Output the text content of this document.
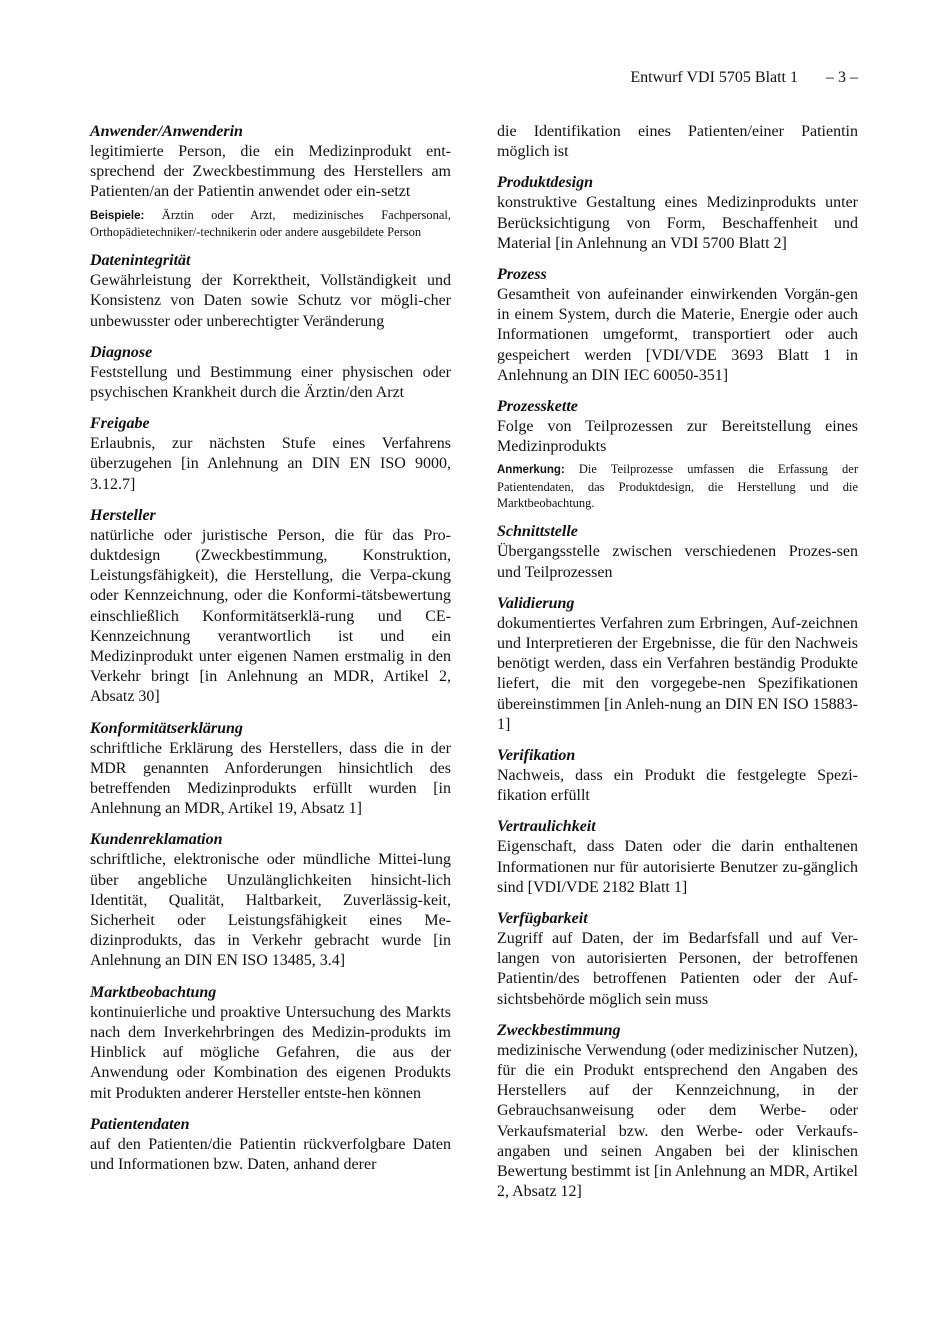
Entwurf VDI 5705 Blatt 1 – 3 –
Anwender/Anwenderin
legitimierte Person, die ein Medizinprodukt ent-sprechend der Zweckbestimmung des Herstellers am Patienten/an der Patientin anwendet oder ein-setzt
Beispiele: Ärztin oder Arzt, medizinisches Fachpersonal, Orthopädietechniker/-technikerin oder andere ausgebildete Person
Datenintegrität
Gewährleistung der Korrektheit, Vollständigkeit und Konsistenz von Daten sowie Schutz vor mögli-cher unbewusster oder unberechtigter Veränderung
Diagnose
Feststellung und Bestimmung einer physischen oder psychischen Krankheit durch die Ärztin/den Arzt
Freigabe
Erlaubnis, zur nächsten Stufe eines Verfahrens überzugehen [in Anlehnung an DIN EN ISO 9000, 3.12.7]
Hersteller
natürliche oder juristische Person, die für das Pro-duktdesign (Zweckbestimmung, Konstruktion, Leistungsfähigkeit), die Herstellung, die Verpa-ckung oder Kennzeichnung, oder die Konformi-tätsbewertung einschließlich Konformitätserklä-rung und CE-Kennzeichnung verantwortlich ist und ein Medizinprodukt unter eigenen Namen erstmalig in den Verkehr bringt [in Anlehnung an MDR, Artikel 2, Absatz 30]
Konformitätserklärung
schriftliche Erklärung des Herstellers, dass die in der MDR genannten Anforderungen hinsichtlich des betreffenden Medizinprodukts erfüllt wurden [in Anlehnung an MDR, Artikel 19, Absatz 1]
Kundenreklamation
schriftliche, elektronische oder mündliche Mittei-lung über angebliche Unzulänglichkeiten hinsicht-lich Identität, Qualität, Haltbarkeit, Zuverlässig-keit, Sicherheit oder Leistungsfähigkeit eines Me-dizinprodukts, das in Verkehr gebracht wurde [in Anlehnung an DIN EN ISO 13485, 3.4]
Marktbeobachtung
kontinuierliche und proaktive Untersuchung des Markts nach dem Inverkehrbringen des Medizin-produkts im Hinblick auf mögliche Gefahren, die aus der Anwendung oder Kombination des eigenen Produkts mit Produkten anderer Hersteller entste-hen können
Patientendaten
auf den Patienten/die Patientin rückverfolgbare Daten und Informationen bzw. Daten, anhand derer
die Identifikation eines Patienten/einer Patientin möglich ist
Produktdesign
konstruktive Gestaltung eines Medizinprodukts unter Berücksichtigung von Form, Beschaffenheit und Material [in Anlehnung an VDI 5700 Blatt 2]
Prozess
Gesamtheit von aufeinander einwirkenden Vorgän-gen in einem System, durch die Materie, Energie oder auch Informationen umgeformt, transportiert oder auch gespeichert werden [VDI/VDE 3693 Blatt 1 in Anlehnung an DIN IEC 60050-351]
Prozesskette
Folge von Teilprozessen zur Bereitstellung eines Medizinprodukts
Anmerkung: Die Teilprozesse umfassen die Erfassung der Patientendaten, das Produktdesign, die Herstellung und die Marktbeobachtung.
Schnittstelle
Übergangsstelle zwischen verschiedenen Prozes-sen und Teilprozessen
Validierung
dokumentiertes Verfahren zum Erbringen, Auf-zeichnen und Interpretieren der Ergebnisse, die für den Nachweis benötigt werden, dass ein Verfahren beständig Produkte liefert, die mit den vorgegebe-nen Spezifikationen übereinstimmen [in Anleh-nung an DIN EN ISO 15883-1]
Verifikation
Nachweis, dass ein Produkt die festgelegte Spezi-fikation erfüllt
Vertraulichkeit
Eigenschaft, dass Daten oder die darin enthaltenen Informationen nur für autorisierte Benutzer zu-gänglich sind [VDI/VDE 2182 Blatt 1]
Verfügbarkeit
Zugriff auf Daten, der im Bedarfsfall und auf Ver-langen von autorisierten Personen, der betroffenen Patientin/des betroffenen Patienten oder der Auf-sichtsbehörde möglich sein muss
Zweckbestimmung
medizinische Verwendung (oder medizinischer Nutzen), für die ein Produkt entsprechend den Angaben des Herstellers auf der Kennzeichnung, in der Gebrauchsanweisung oder dem Werbe- oder Verkaufsmaterial bzw. den Werbe- oder Verkaufs-angaben und seinen Angaben bei der klinischen Bewertung bestimmt ist [in Anlehnung an MDR, Artikel 2, Absatz 12]
